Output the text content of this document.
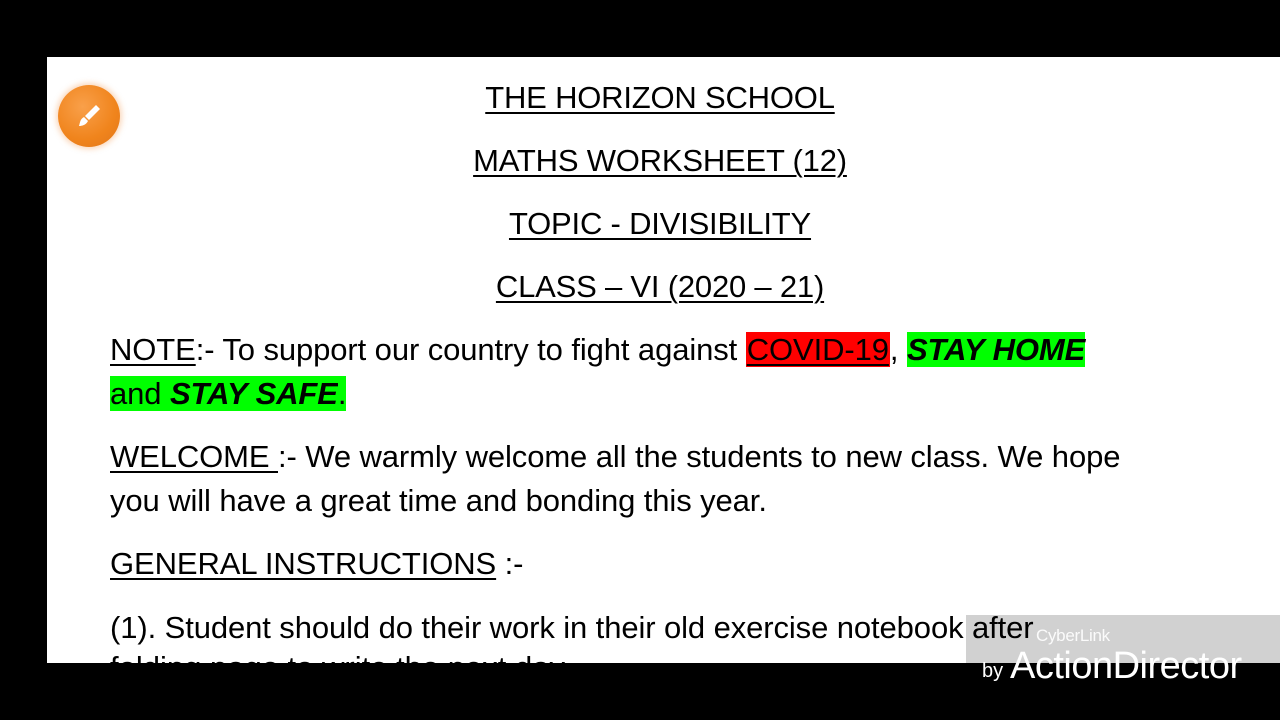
THE HORIZON SCHOOL
MATHS WORKSHEET (12)
TOPIC - DIVISIBILITY
CLASS – VI (2020 – 21)
NOTE:- To support our country to fight against COVID-19, STAY HOME
and STAY SAFE.
WELCOME :- We warmly welcome all the students to new class. We hope you will have a great time and bonding this year.
GENERAL INSTRUCTIONS :-
(1). Student should do their work in their old exercise notebook after CyberLink
by ActionDirector
